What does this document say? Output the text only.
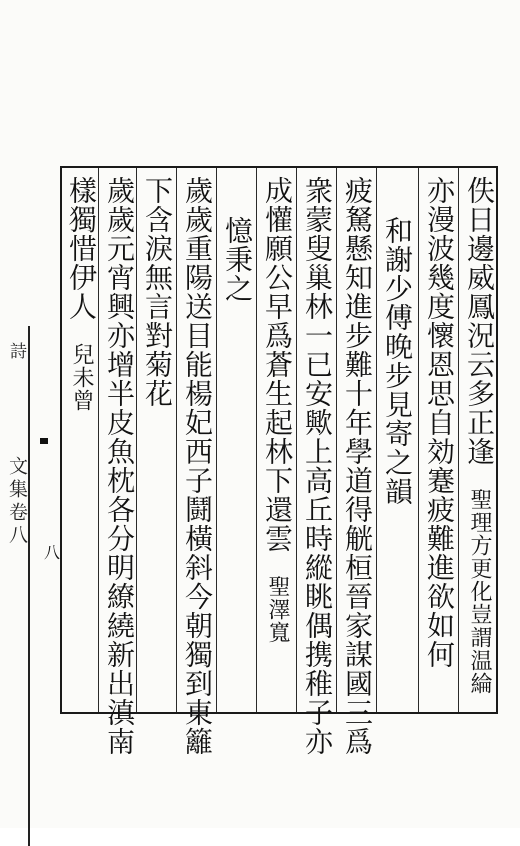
詩
文集卷八
八
佚日邊威鳳況云多正逢聖理方更化豈謂温綸
亦漫波幾度懷恩思自効蹇疲難進欲如何
和謝少傅晚步見寄之韻
疲駑懸知進步難十年學道得觥桓晉家謀國三爲
衆蒙叟巢林一已安歟上高丘時縱眺偶携稚子亦
成懽願公早爲蒼生起林下還雲聖澤寬
憶秉之
歲歲重陽送目能楊妃西子鬪橫斜今朝獨到東籬
下含淚無言對菊花
歲歲元宵興亦增半皮魚枕各分明繚繞新出滇南
樣獨惜伊人兒未曾
